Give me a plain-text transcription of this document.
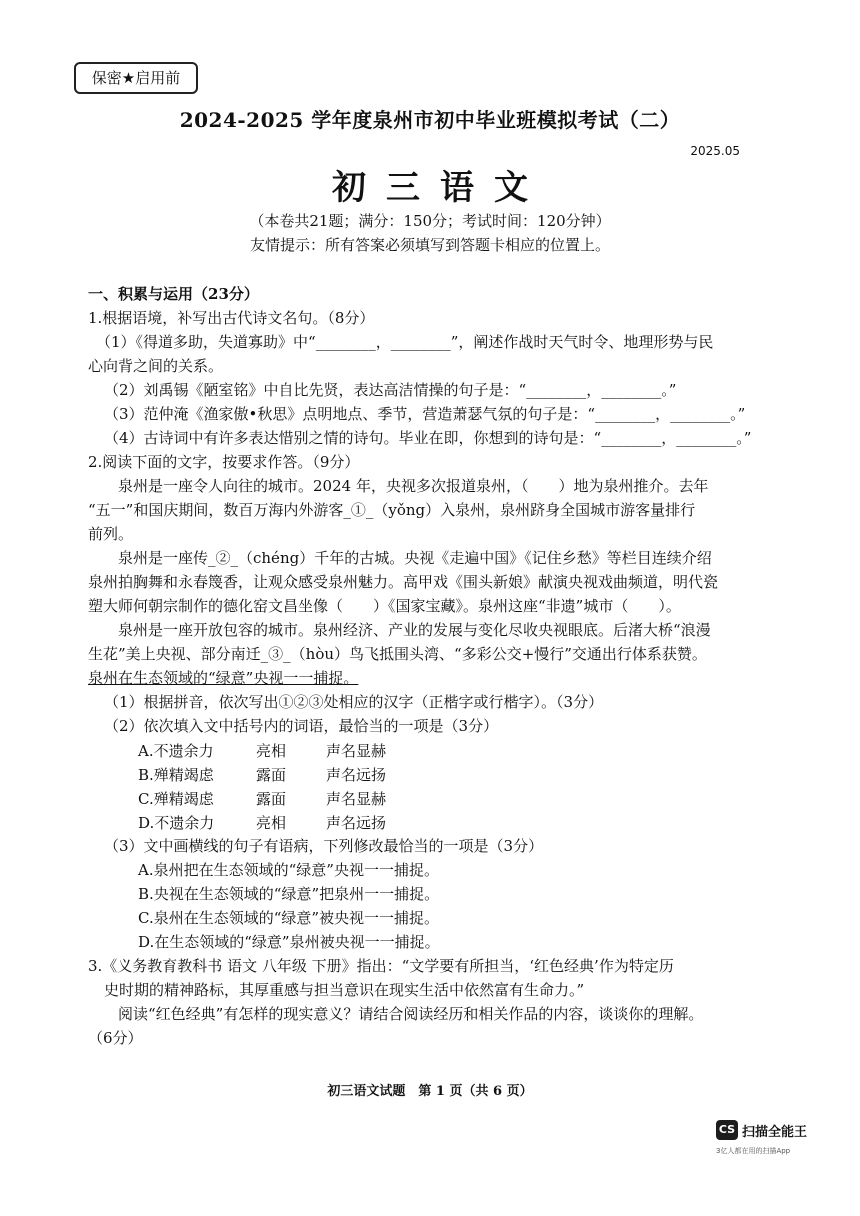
保密★启用前
2024-2025 学年度泉州市初中毕业班模拟考试（二）
2025.05
初三语文
（本卷共21题；满分：150分；考试时间：120分钟）
友情提示：所有答案必须填写到答题卡相应的位置上。
一、积累与运用（23分）
1.根据语境，补写出古代诗文名句。（8分）
（1）《得道多助，失道寡助》中“________，________”，阐述作战时天气时令、地理形势与民
心向背之间的关系。
（2）刘禹锡《陋室铭》中自比先贤，表达高洁情操的句子是：“________，________。”
（3）范仲淹《渔家傲•秋思》点明地点、季节，营造萧瑟气氛的句子是：“________，________。”
（4）古诗词中有许多表达惜别之情的诗句。毕业在即，你想到的诗句是：“________，________。”
2.阅读下面的文字，按要求作答。（9分）
泉州是一座令人向往的城市。2024 年，央视多次报道泉州，（　　）地为泉州推介。去年
“五一”和国庆期间，数百万海内外游客_①_（yǒng）入泉州，泉州跻身全国城市游客量排行
前列。
泉州是一座传_②_（chéng）千年的古城。央视《走遍中国》《记住乡愁》等栏目连续介绍
泉州拍胸舞和永春篾香，让观众感受泉州魅力。高甲戏《围头新娘》献演央视戏曲频道，明代瓷
塑大师何朝宗制作的德化窑文昌坐像（　　）《国家宝藏》。泉州这座“非遗”城市（　　）。
泉州是一座开放包容的城市。泉州经济、产业的发展与变化尽收央视眼底。后渚大桥“浪漫
生花”美上央视、部分南迁_③_（hòu）鸟飞抵围头湾、“多彩公交+慢行”交通出行体系获赞。
泉州在生态领域的“绿意”央视一一捕捉。
（1）根据拼音，依次写出①②③处相应的汉字（正楷字或行楷字）。（3分）
（2）依次填入文中括号内的词语，最恰当的一项是（3分）
A.不遗余力	亮相	声名显赫
B.殚精竭虑	露面	声名远扬
C.殚精竭虑	露面	声名显赫
D.不遗余力	亮相	声名远扬
（3）文中画横线的句子有语病，下列修改最恰当的一项是（3分）
A.泉州把在生态领域的“绿意”央视一一捕捉。
B.央视在生态领域的“绿意”把泉州一一捕捉。
C.泉州在生态领域的“绿意”被央视一一捕捉。
D.在生态领域的“绿意”泉州被央视一一捕捉。
3.《义务教育教科书 语文 八年级 下册》指出：“文学要有所担当，‘红色经典’作为特定历
史时期的精神路标，其厚重感与担当意识在现实生活中依然富有生命力。”
阅读“红色经典”有怎样的现实意义？请结合阅读经历和相关作品的内容，谈谈你的理解。
（6分）
初三语文试题　第 1 页（共 6 页）
CS 扫描全能王
3亿人都在用的扫描App
